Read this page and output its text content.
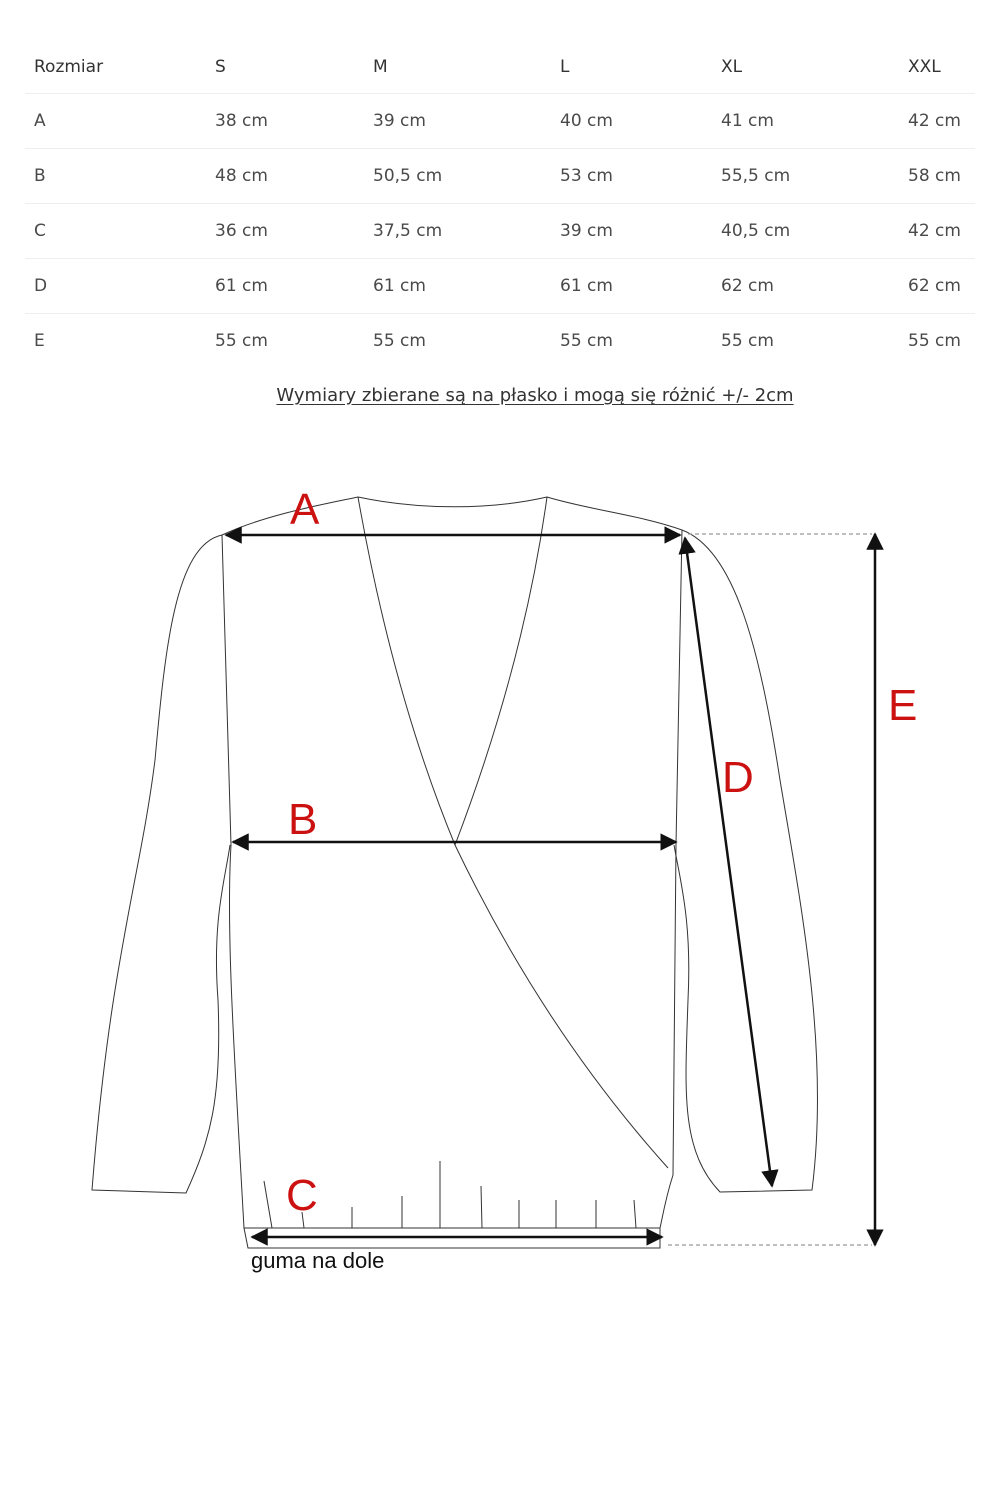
Rozmiar	S	M	L	XL	XXL
A	38 cm	39 cm	40 cm	41 cm	42 cm
B	48 cm	50,5 cm	53 cm	55,5 cm	58 cm
C	36 cm	37,5 cm	39 cm	40,5 cm	42 cm
D	61 cm	61 cm	61 cm	62 cm	62 cm
E	55 cm	55 cm	55 cm	55 cm	55 cm
Wymiary zbierane są na płasko i mogą się różnić +/- 2cm
A
B
C
D
E
guma na dole
